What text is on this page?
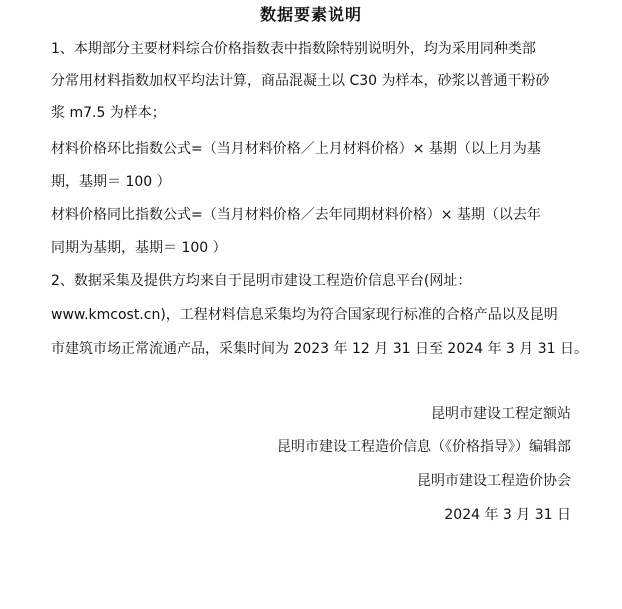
数据要素说明
1、本期部分主要材料综合价格指数表中指数除特别说明外，均为采用同种类部
分常用材料指数加权平均法计算，商品混凝土以 C30 为样本，砂浆以普通干粉砂
浆 m7.5 为样本；
材料价格环比指数公式=（当月材料价格／上月材料价格）× 基期（以上月为基
期，基期＝ 100 ）
材料价格同比指数公式=（当月材料价格／去年同期材料价格）× 基期（以去年
同期为基期，基期＝ 100 ）
2、数据采集及提供方均来自于昆明市建设工程造价信息平台(网址：
www.kmcost.cn)，工程材料信息采集均为符合国家现行标准的合格产品以及昆明
市建筑市场正常流通产品，采集时间为 2023 年 12 月 31 日至 2024 年 3 月 31 日。
昆明市建设工程定额站
昆明市建设工程造价信息（《价格指导》）编辑部
昆明市建设工程造价协会
2024 年 3 月 31 日
